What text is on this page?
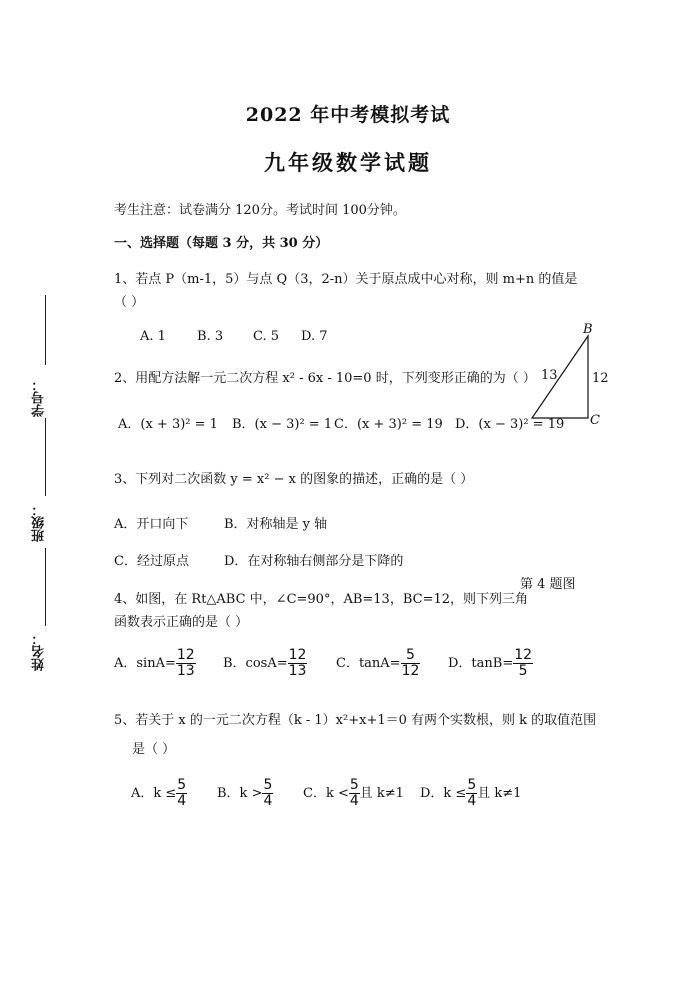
学号：
班级：
姓名：
2022 年中考模拟考试
九年级数学试题
考生注意：试卷满分 120分。考试时间 100分钟。
一、选择题（每题 3 分，共 30 分）
1、若点 P（m-1，5）与点 Q（3，2-n）关于原点成中心对称，则 m+n 的值是
（ ）
A. 1 B. 3 C. 5 D. 7	B
C
13	12
第 4 题图
2、用配方法解一元二次方程 x² - 6x - 10=0 时，下列变形正确的为（ ）
A．(x + 3)² = 1 B．(x − 3)² = 1 C．(x + 3)² = 19 D．(x − 3)² = 19
3、下列对二次函数 y = x² − x 的图象的描述，正确的是（ ）
A．开口向下	B．对称轴是 y 轴
C．经过原点	D．在对称轴右侧部分是下降的
4、如图，在 Rt△ABC 中，∠C=90°，AB=13，BC=12，则下列三角
函数表示正确的是（ ）
A．$\sin A= \frac{12}{13}$ B．$\cos A= \frac{12}{13}$ C．$\tan A= \frac{5}{12}$ D．$\tan B= \frac{12}{5}$
5、若关于 x 的一元二次方程（k - 1）x²+x+1＝0 有两个实数根，则 k 的取值范围
是（ ）
A．$k \le \frac{5}{4}$ B．$k > \frac{5}{4}$ C．$k < \frac{5}{4}$ 且 k≠1 D．$k \le \frac{5}{4}$ 且 k≠1
